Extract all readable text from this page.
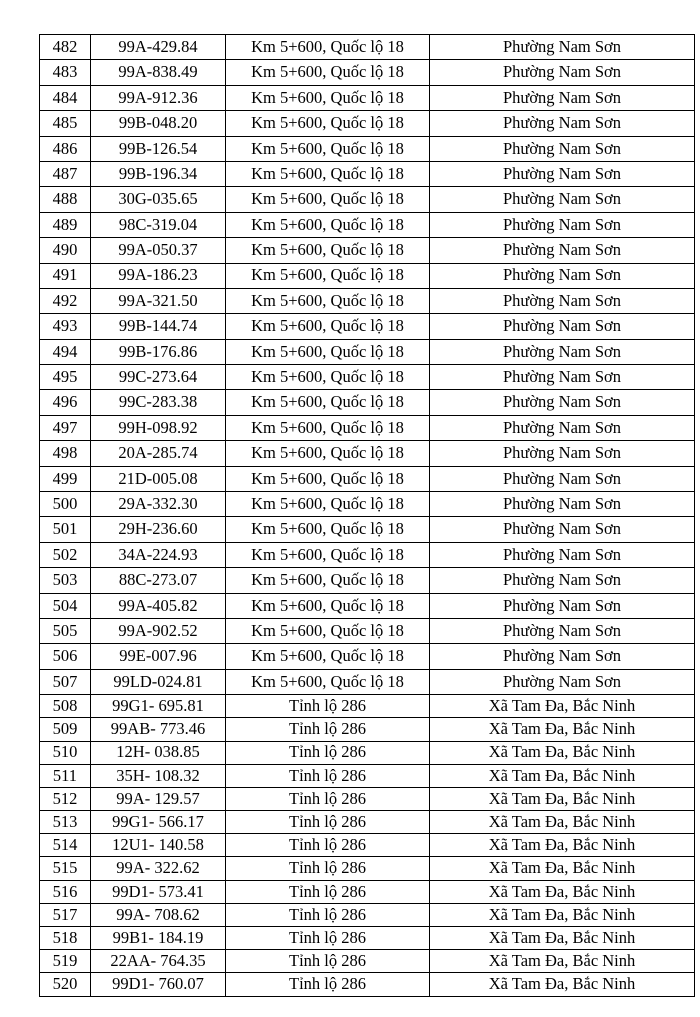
482	99A-429.84	Km 5+600, Quốc lộ 18	Phường Nam Sơn
483	99A-838.49	Km 5+600, Quốc lộ 18	Phường Nam Sơn
484	99A-912.36	Km 5+600, Quốc lộ 18	Phường Nam Sơn
485	99B-048.20	Km 5+600, Quốc lộ 18	Phường Nam Sơn
486	99B-126.54	Km 5+600, Quốc lộ 18	Phường Nam Sơn
487	99B-196.34	Km 5+600, Quốc lộ 18	Phường Nam Sơn
488	30G-035.65	Km 5+600, Quốc lộ 18	Phường Nam Sơn
489	98C-319.04	Km 5+600, Quốc lộ 18	Phường Nam Sơn
490	99A-050.37	Km 5+600, Quốc lộ 18	Phường Nam Sơn
491	99A-186.23	Km 5+600, Quốc lộ 18	Phường Nam Sơn
492	99A-321.50	Km 5+600, Quốc lộ 18	Phường Nam Sơn
493	99B-144.74	Km 5+600, Quốc lộ 18	Phường Nam Sơn
494	99B-176.86	Km 5+600, Quốc lộ 18	Phường Nam Sơn
495	99C-273.64	Km 5+600, Quốc lộ 18	Phường Nam Sơn
496	99C-283.38	Km 5+600, Quốc lộ 18	Phường Nam Sơn
497	99H-098.92	Km 5+600, Quốc lộ 18	Phường Nam Sơn
498	20A-285.74	Km 5+600, Quốc lộ 18	Phường Nam Sơn
499	21D-005.08	Km 5+600, Quốc lộ 18	Phường Nam Sơn
500	29A-332.30	Km 5+600, Quốc lộ 18	Phường Nam Sơn
501	29H-236.60	Km 5+600, Quốc lộ 18	Phường Nam Sơn
502	34A-224.93	Km 5+600, Quốc lộ 18	Phường Nam Sơn
503	88C-273.07	Km 5+600, Quốc lộ 18	Phường Nam Sơn
504	99A-405.82	Km 5+600, Quốc lộ 18	Phường Nam Sơn
505	99A-902.52	Km 5+600, Quốc lộ 18	Phường Nam Sơn
506	99E-007.96	Km 5+600, Quốc lộ 18	Phường Nam Sơn
507	99LD-024.81	Km 5+600, Quốc lộ 18	Phường Nam Sơn
508	99G1- 695.81	Tỉnh lộ 286	Xã Tam Đa, Bắc Ninh
509	99AB- 773.46	Tỉnh lộ 286	Xã Tam Đa, Bắc Ninh
510	12H- 038.85	Tỉnh lộ 286	Xã Tam Đa, Bắc Ninh
511	35H- 108.32	Tỉnh lộ 286	Xã Tam Đa, Bắc Ninh
512	99A- 129.57	Tỉnh lộ 286	Xã Tam Đa, Bắc Ninh
513	99G1- 566.17	Tỉnh lộ 286	Xã Tam Đa, Bắc Ninh
514	12U1- 140.58	Tỉnh lộ 286	Xã Tam Đa, Bắc Ninh
515	99A- 322.62	Tỉnh lộ 286	Xã Tam Đa, Bắc Ninh
516	99D1- 573.41	Tỉnh lộ 286	Xã Tam Đa, Bắc Ninh
517	99A- 708.62	Tỉnh lộ 286	Xã Tam Đa, Bắc Ninh
518	99B1- 184.19	Tỉnh lộ 286	Xã Tam Đa, Bắc Ninh
519	22AA- 764.35	Tỉnh lộ 286	Xã Tam Đa, Bắc Ninh
520	99D1- 760.07	Tỉnh lộ 286	Xã Tam Đa, Bắc Ninh
